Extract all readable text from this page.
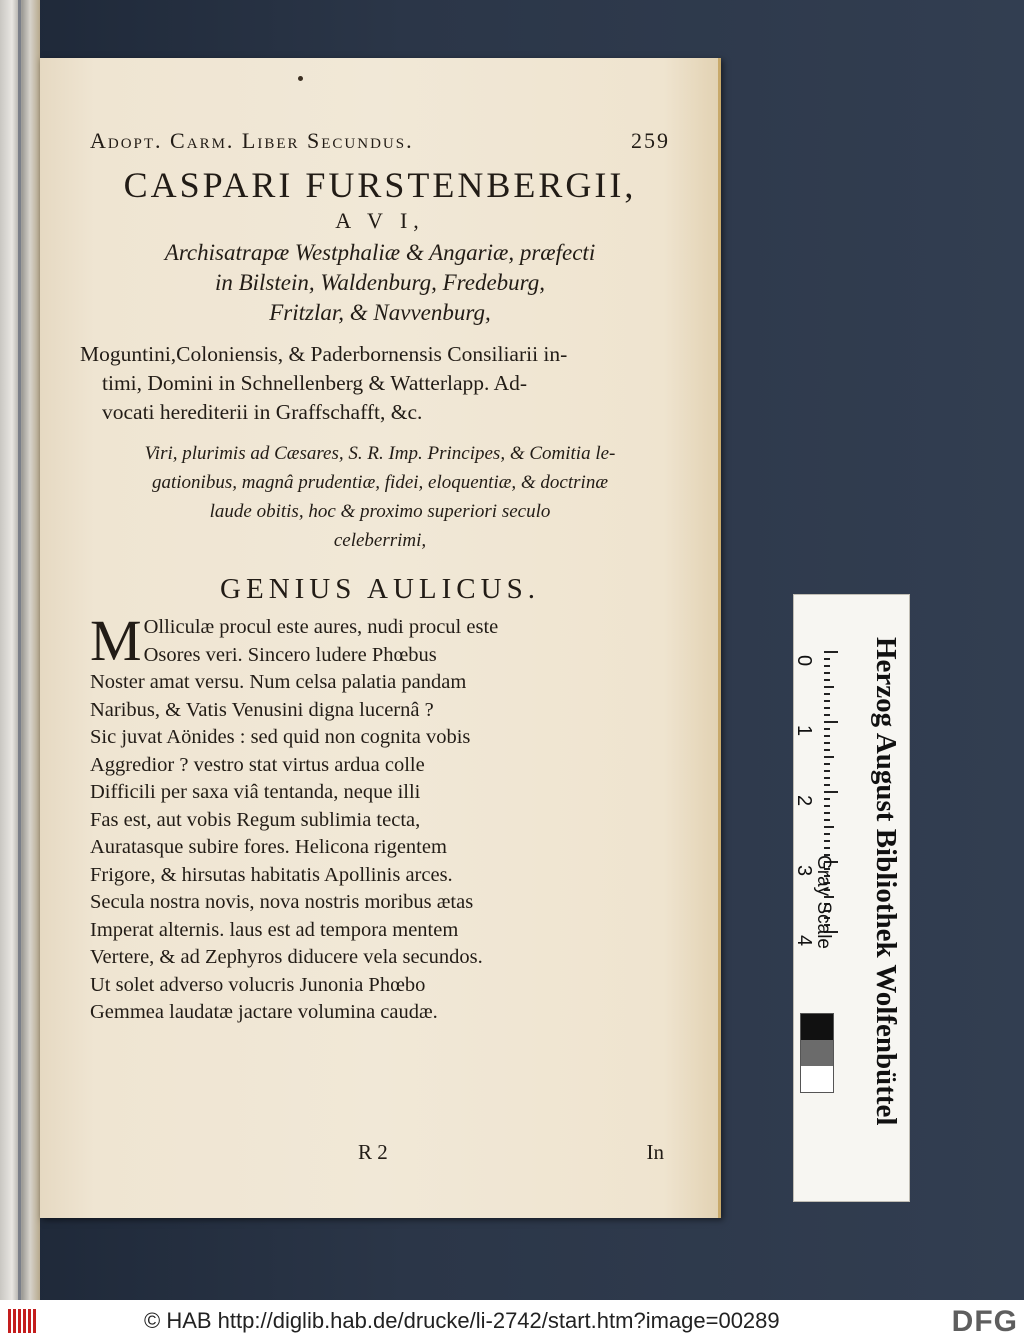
Adopt. Carm. Liber Secundus.	259
CASPARI FURSTENBERGII,
A V I,
Archisatrapæ Westphaliæ & Angariæ, præfecti
in Bilstein, Waldenburg, Fredeburg,
Fritzlar, & Navvenburg,
Moguntini,Coloniensis, & Paderbornensis Consiliarii in-
timi, Domini in Schnellenberg & Watterlapp. Ad-
vocati herediterii in Graffschafft, &c.
Viri, plurimis ad Cæsares, S. R. Imp. Principes, & Comitia le-
gationibus, magnâ prudentiæ, fidei, eloquentiæ, & doctrinæ
laude obitis, hoc & proximo superiori seculo
celeberrimi,
GENIUS AULICUS.
M Olliculæ procul este aures, nudi procul este
Osores veri. Sincero ludere Phœbus
Noster amat versu. Num celsa palatia pandam
Naribus, & Vatis Venusini digna lucernâ ?
Sic juvat Aönides : sed quid non cognita vobis
Aggredior ? vestro stat virtus ardua colle
Difficili per saxa viâ tentanda, neque illi
Fas est, aut vobis Regum sublimia tecta,
Auratasque subire fores. Helicona rigentem
Frigore, & hirsutas habitatis Apollinis arces.
Secula nostra novis, nova nostris moribus ætas
Imperat alternis. laus est ad tempora mentem
Vertere, & ad Zephyros diducere vela secundos.
Ut solet adverso volucris Junonia Phœbo
Gemmea laudatæ jactare volumina caudæ.
R 2	In
0
1
2
3
4 Herzog August Bibliothek Wolfenbüttel
Gray Scale
© HAB http://diglib.hab.de/drucke/li-2742/start.htm?image=00289	DFG
